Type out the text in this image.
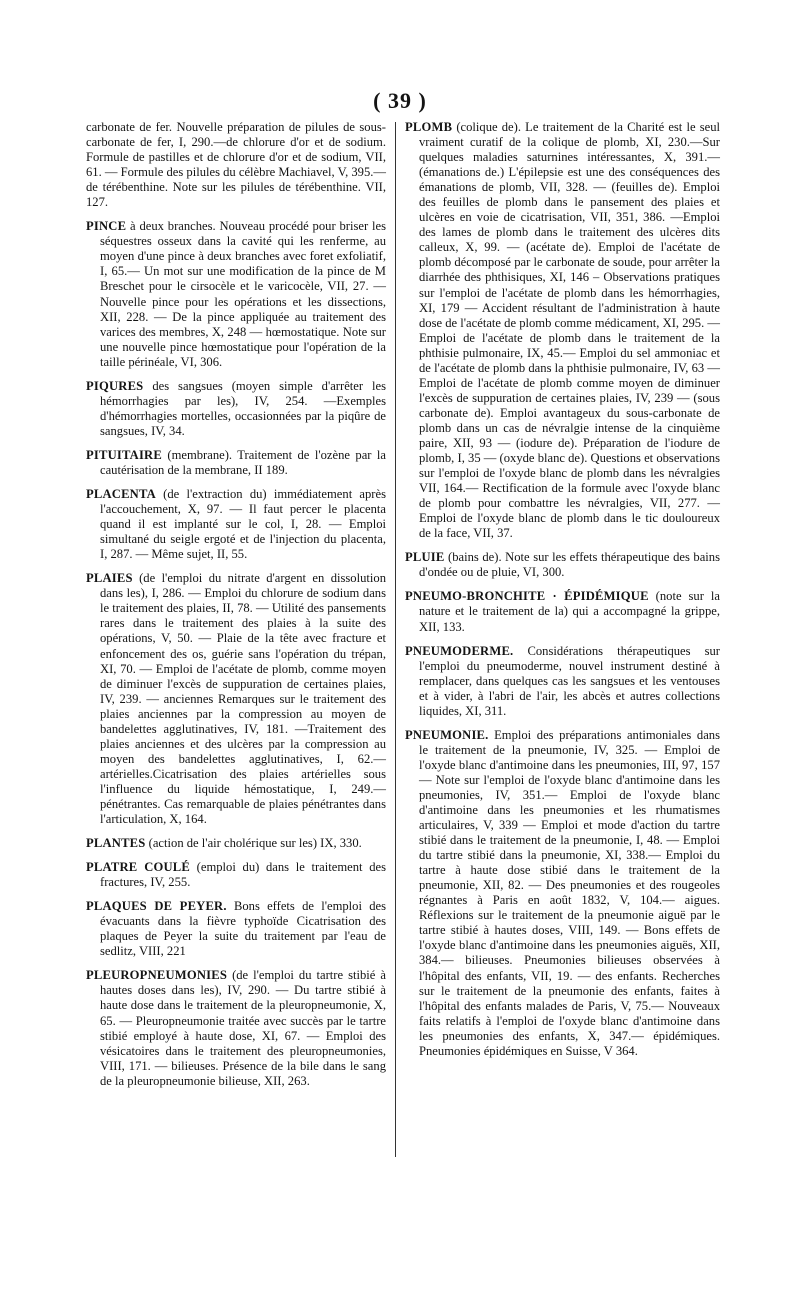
( 39 )

carbonate de fer. Nouvelle préparation de pilules de sous-carbonate de fer, I, 290.—de chlorure d'or et de sodium. Formule de pastilles et de chlorure d'or et de sodium, VII, 61. — Formule des pilules du célèbre Machiavel, V, 395.— de térébenthine. Note sur les pilules de térébenthine. VII, 127.

PINCE à deux branches. Nouveau procédé pour briser les séquestres osseux dans la cavité qui les renferme, au moyen d'une pince à deux branches avec foret exfoliatif, I, 65.— Un mot sur une modification de la pince de M Breschet pour le cirsocèle et le varicocèle, VII, 27. — Nouvelle pince pour les opérations et les dissections, XII, 228. — De la pince appliquée au traitement des varices des membres, X, 248 — hœmostatique. Note sur une nouvelle pince hœmostatique pour l'opération de la taille périnéale, VI, 306.

PIQURES des sangsues (moyen simple d'arrêter les hémorrhagies par les), IV, 254. —Exemples d'hémorrhagies mortelles, occasionnées par la piqûre de sangsues, IV, 34.

PITUITAIRE (membrane). Traitement de l'ozène par la cautérisation de la membrane, II 189.

PLACENTA (de l'extraction du) immédiatement après l'accouchement, X, 97. — Il faut percer le placenta quand il est implanté sur le col, I, 28. — Emploi simultané du seigle ergoté et de l'injection du placenta, I, 287. — Même sujet, II, 55.

PLAIES (de l'emploi du nitrate d'argent en dissolution dans les), I, 286. — Emploi du chlorure de sodium dans le traitement des plaies, II, 78. — Utilité des pansements rares dans le traitement des plaies à la suite des opérations, V, 50. — Plaie de la tête avec fracture et enfoncement des os, guérie sans l'opération du trépan, XI, 70. — Emploi de l'acétate de plomb, comme moyen de diminuer l'excès de suppuration de certaines plaies, IV, 239. — anciennes Remarques sur le traitement des plaies anciennes par la compression au moyen de bandelettes agglutinatives, IV, 181. —Traitement des plaies anciennes et des ulcères par la compression au moyen des bandelettes agglutinatives, I, 62.—artérielles.Cicatrisation des plaies artérielles sous l'influence du liquide hémostatique, I, 249.— pénétrantes. Cas remarquable de plaies pénétrantes dans l'articulation, X, 164.

PLANTES (action de l'air cholérique sur les) IX, 330.

PLATRE COULÉ (emploi du) dans le traitement des fractures, IV, 255.

PLAQUES DE PEYER. Bons effets de l'emploi des évacuants dans la fièvre typhoïde Cicatrisation des plaques de Peyer la suite du traitement par l'eau de sedlitz, VIII, 221

PLEUROPNEUMONIES (de l'emploi du tartre stibié à hautes doses dans les), IV, 290. — Du tartre stibié à haute dose dans le traitement de la pleuropneumonie, X, 65. — Pleuropneumonie traitée avec succès par le tartre stibié employé à haute dose, XI, 67. — Emploi des vésicatoires dans le traitement des pleuropneumonies, VIII, 171. — bilieuses. Présence de la bile dans le sang de la pleuropneumonie bilieuse, XII, 263.

PLOMB (colique de). Le traitement de la Charité est le seul vraiment curatif de la colique de plomb, XI, 230.—Sur quelques maladies saturnines intéressantes, X, 391.—(émanations de.) L'épilepsie est une des conséquences des émanations de plomb, VII, 328. — (feuilles de). Emploi des feuilles de plomb dans le pansement des plaies et ulcères en voie de cicatrisation, VII, 351, 386. —Emploi des lames de plomb dans le traitement des ulcères dits calleux, X, 99. — (acétate de). Emploi de l'acétate de plomb décomposé par le carbonate de soude, pour arrêter la diarrhée des phthisiques, XI, 146 – Observations pratiques sur l'emploi de l'acétate de plomb dans les hémorrhagies, XI, 179 — Accident résultant de l'administration à haute dose de l'acétate de plomb comme médicament, XI, 295. — Emploi de l'acétate de plomb dans le traitement de la phthisie pulmonaire, IX, 45.— Emploi du sel ammoniac et de l'acétate de plomb dans la phthisie pulmonaire, IV, 63 — Emploi de l'acétate de plomb comme moyen de diminuer l'excès de suppuration de certaines plaies, IV, 239 — (sous carbonate de). Emploi avantageux du sous-carbonate de plomb dans un cas de névralgie intense de la cinquième paire, XII, 93 — (iodure de). Préparation de l'iodure de plomb, I, 35 — (oxyde blanc de). Questions et observations sur l'emploi de l'oxyde blanc de plomb dans les névralgies VII, 164.— Rectification de la formule avec l'oxyde blanc de plomb pour combattre les névralgies, VII, 277. — Emploi de l'oxyde blanc de plomb dans le tic douloureux de la face, VII, 37.

PLUIE (bains de). Note sur les effets thérapeutique des bains d'ondée ou de pluie, VI, 300.

PNEUMO-BRONCHITE · ÉPIDÉMIQUE (note sur la nature et le traitement de la) qui a accompagné la grippe, XII, 133.

PNEUMODERME. Considérations thérapeutiques sur l'emploi du pneumoderme, nouvel instrument destiné à remplacer, dans quelques cas les sangsues et les ventouses et à vider, à l'abri de l'air, les abcès et autres collections liquides, XI, 311.

PNEUMONIE. Emploi des préparations antimoniales dans le traitement de la pneumonie, IV, 325. — Emploi de l'oxyde blanc d'antimoine dans les pneumonies, III, 97, 157 — Note sur l'emploi de l'oxyde blanc d'antimoine dans les pneumonies, IV, 351.— Emploi de l'oxyde blanc d'antimoine dans les pneumonies et les rhumatismes articulaires, V, 339 — Emploi et mode d'action du tartre stibié dans le traitement de la pneumonie, I, 48. — Emploi du tartre stibié dans la pneumonie, XI, 338.— Emploi du tartre à haute dose stibié dans le traitement de la pneumonie, XII, 82. — Des pneumonies et des rougeoles régnantes à Paris en août 1832, V, 104.— aigues. Réflexions sur le traitement de la pneumonie aiguë par le tartre stibié à hautes doses, VIII, 149. — Bons effets de l'oxyde blanc d'antimoine dans les pneumonies aiguës, XII, 384.— bilieuses. Pneumonies bilieuses observées à l'hôpital des enfants, VII, 19. — des enfants. Recherches sur le traitement de la pneumonie des enfants, faites à l'hôpital des enfants malades de Paris, V, 75.— Nouveaux faits relatifs à l'emploi de l'oxyde blanc d'antimoine dans les pneumonies des enfants, X, 347.— épidémiques. Pneumonies épidémiques en Suisse, V 364.
